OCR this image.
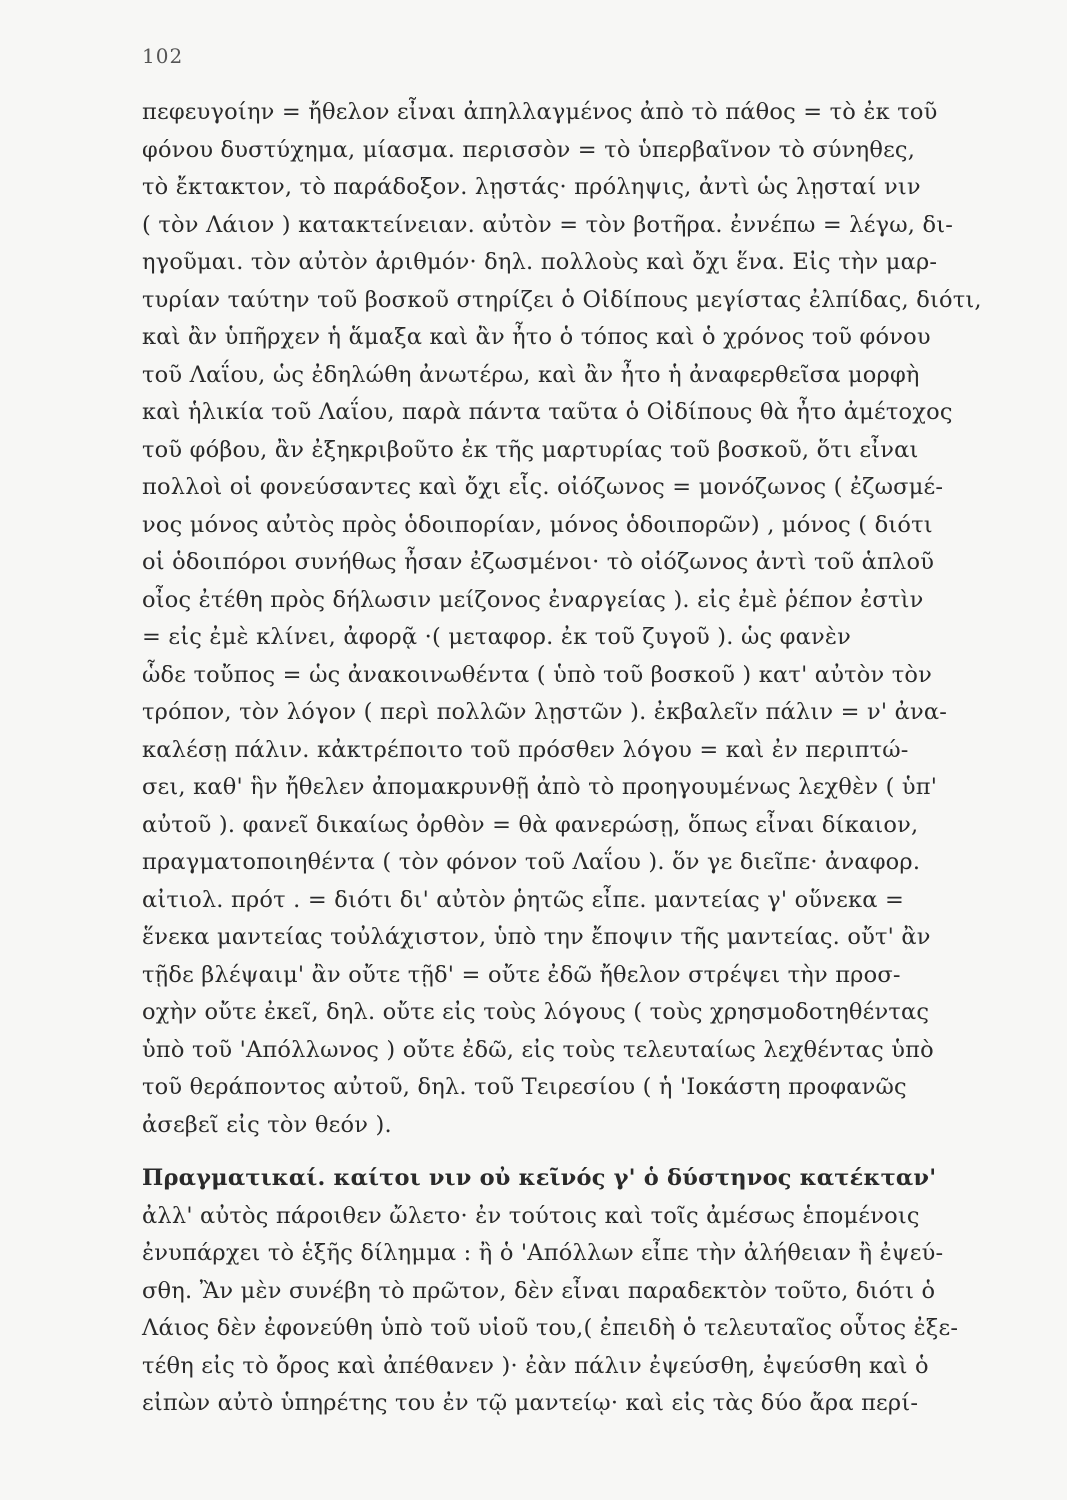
102
πεφευγοίην = ἤθελον εἶναι ἀπηλλαγμένος ἀπὸ τὸ πάθος = τὸ ἐκ τοῦ
φόνου δυστύχημα, μίασμα. περισσὸν = τὸ ὑπερβαῖνον τὸ σύνηθες,
τὸ ἔκτακτον, τὸ παράδοξον. λῃστάς· πρόληψις, ἀντὶ ὡς λῃσταί νιν
( τὸν Λάιον ) κατακτείνειαν. αὐτὸν = τὸν βοτῆρα. ἐννέπω = λέγω, δι-
ηγοῦμαι. τὸν αὐτὸν ἀριθμόν· δηλ. πολλοὺς καὶ ὄχι ἕνα. Εἰς τὴν μαρ-
τυρίαν ταύτην τοῦ βοσκοῦ στηρίζει ὁ Οἰδίπους μεγίστας ἐλπίδας, διότι,
καὶ ἂν ὑπῆρχεν ἡ ἅμαξα καὶ ἂν ἦτο ὁ τόπος καὶ ὁ χρόνος τοῦ φόνου
τοῦ Λαΐου, ὡς ἐδηλώθη ἀνωτέρω, καὶ ἂν ἦτο ἡ ἀναφερθεῖσα μορφὴ
καὶ ἡλικία τοῦ Λαΐου, παρὰ πάντα ταῦτα ὁ Οἰδίπους θὰ ἦτο ἀμέτοχος
τοῦ φόβου, ἂν ἐξηκριβοῦτο ἐκ τῆς μαρτυρίας τοῦ βοσκοῦ, ὅτι εἶναι
πολλοὶ οἱ φονεύσαντες καὶ ὄχι εἷς. οἰόζωνος = μονόζωνος ( ἐζωσμέ-
νος μόνος αὐτὸς πρὸς ὁδοιπορίαν, μόνος ὁδοιπορῶν) , μόνος ( διότι
οἱ ὁδοιπόροι συνήθως ἦσαν ἐζωσμένοι· τὸ οἰόζωνος ἀντὶ τοῦ ἁπλοῦ
οἶος ἐτέθη πρὸς δήλωσιν μείζονος ἐναργείας ). εἰς ἐμὲ ῥέπον ἐστὶν
= εἰς ἐμὲ κλίνει, ἀφορᾷ ·( μεταφορ. ἐκ τοῦ ζυγοῦ ). ὡς φανὲν
ὧδε τοὔπος = ὡς ἀνακοινωθέντα ( ὑπὸ τοῦ βοσκοῦ ) κατ' αὐτὸν τὸν
τρόπον, τὸν λόγον ( περὶ πολλῶν λῃστῶν ). ἐκβαλεῖν πάλιν = ν' ἀνα-
καλέσῃ πάλιν. κἀκτρέποιτο τοῦ πρόσθεν λόγου = καὶ ἐν περιπτώ-
σει, καθ' ἣν ἤθελεν ἀπομακρυνθῇ ἀπὸ τὸ προηγουμένως λεχθὲν ( ὑπ'
αὐτοῦ ). φανεῖ δικαίως ὀρθὸν = θὰ φανερώσῃ, ὅπως εἶναι δίκαιον,
πραγματοποιηθέντα ( τὸν φόνον τοῦ Λαΐου ). ὅν γε διεῖπε· ἀναφορ.
αἰτιολ. πρότ . = διότι δι' αὐτὸν ῥητῶς εἶπε. μαντείας γ' οὕνεκα =
ἕνεκα μαντείας τοὐλάχιστον, ὑπὸ την ἔποψιν τῆς μαντείας. οὔτ' ἂν
τῇδε βλέψαιμ' ἂν οὔτε τῇδ' = οὔτε ἐδῶ ἤθελον στρέψει τὴν προσ-
οχὴν οὔτε ἐκεῖ, δηλ. οὔτε εἰς τοὺς λόγους ( τοὺς χρησμοδοτηθέντας
ὑπὸ τοῦ 'Απόλλωνος ) οὔτε ἐδῶ, εἰς τοὺς τελευταίως λεχθέντας ὑπὸ
τοῦ θεράποντος αὐτοῦ, δηλ. τοῦ Τειρεσίου ( ἡ 'Ιοκάστη προφανῶς
ἀσεβεῖ εἰς τὸν θεόν ).
Πραγματικαί. καίτοι νιν οὐ κεῖνός γ' ὁ δύστηνος κατέκταν'
ἀλλ' αὐτὸς πάροιθεν ὤλετο· ἐν τούτοις καὶ τοῖς ἀμέσως ἑπομένοις
ἐνυπάρχει τὸ ἑξῆς δίλημμα : ἢ ὁ 'Απόλλων εἶπε τὴν ἀλήθειαν ἢ ἐψεύ-
σθη. Ἂν μὲν συνέβη τὸ πρῶτον, δὲν εἶναι παραδεκτὸν τοῦτο, διότι ὁ
Λάιος δὲν ἐφονεύθη ὑπὸ τοῦ υἱοῦ του,( ἐπειδὴ ὁ τελευταῖος οὗτος ἐξε-
τέθη εἰς τὸ ὄρος καὶ ἀπέθανεν )· ἐὰν πάλιν ἐψεύσθη, ἐψεύσθη καὶ ὁ
εἰπὼν αὐτὸ ὑπηρέτης του ἐν τῷ μαντείῳ· καὶ εἰς τὰς δύο ἄρα περί-
